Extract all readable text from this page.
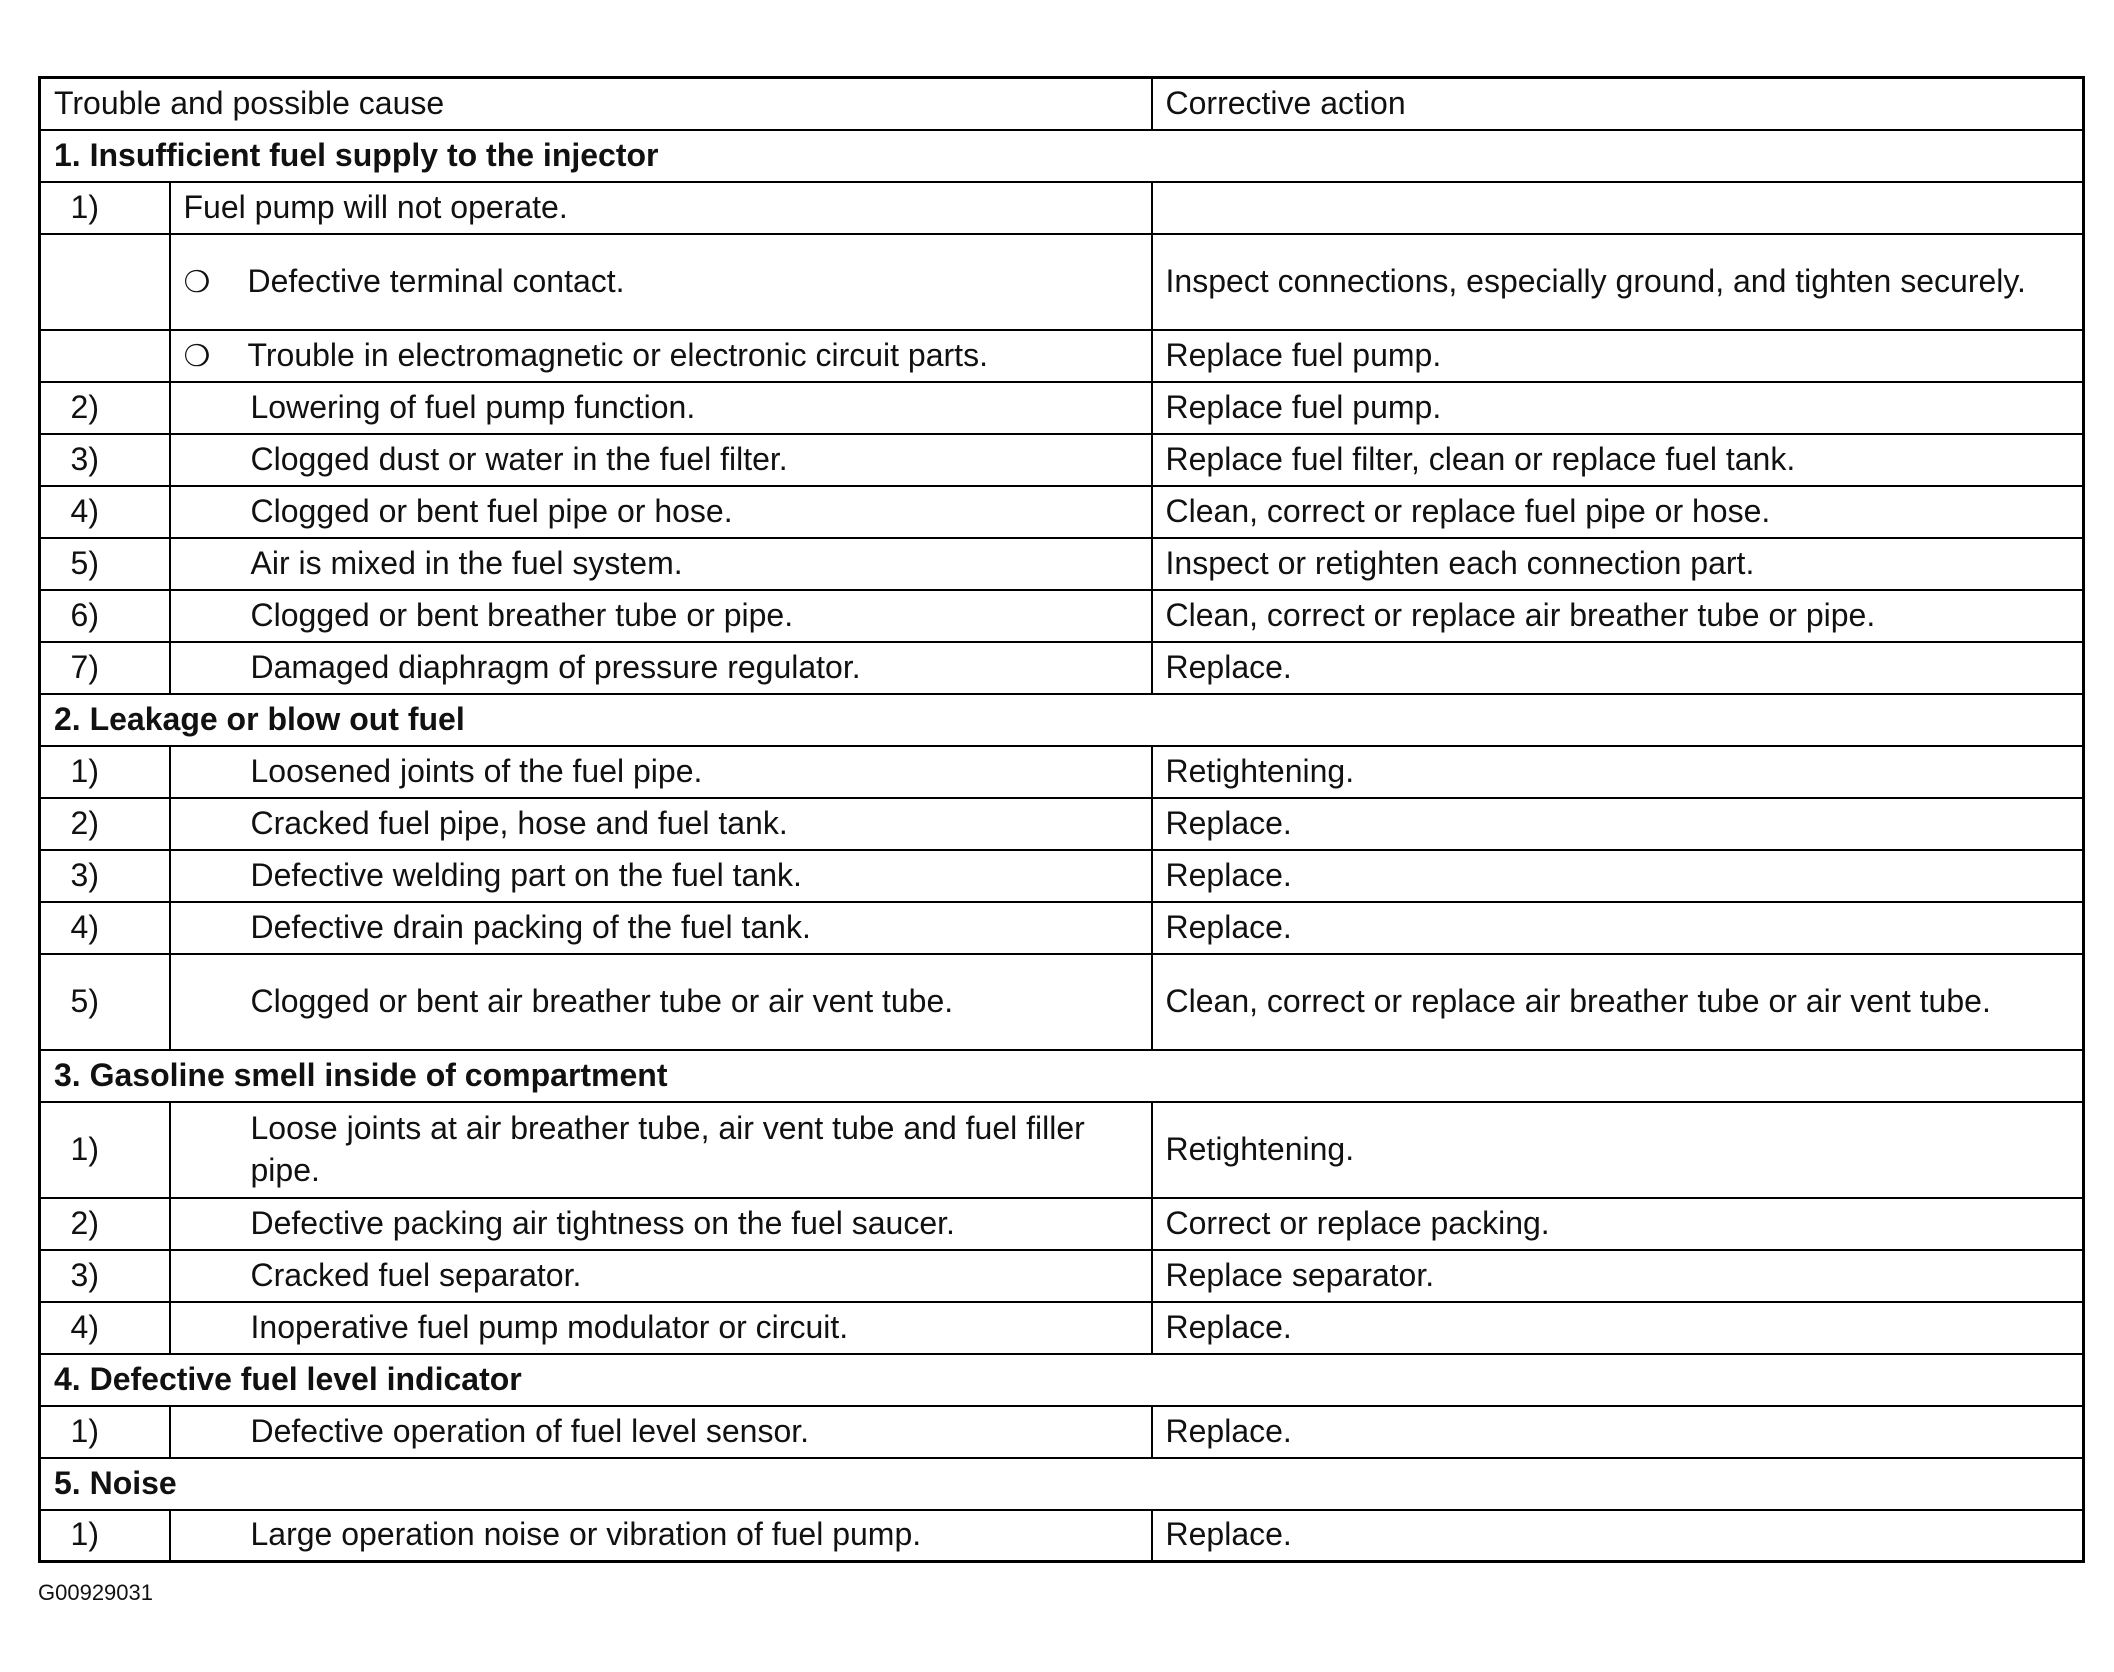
Trouble and possible cause		Corrective action
1. Insufficient fuel supply to the injector		
1)	Fuel pump will not operate.	
	❍ Defective terminal contact.	Inspect connections, especially ground, and tighten securely.
	❍ Trouble in electromagnetic or electronic circuit parts.	Replace fuel pump.
2)	Lowering of fuel pump function.	Replace fuel pump.
3)	Clogged dust or water in the fuel filter.	Replace fuel filter, clean or replace fuel tank.
4)	Clogged or bent fuel pipe or hose.	Clean, correct or replace fuel pipe or hose.
5)	Air is mixed in the fuel system.	Inspect or retighten each connection part.
6)	Clogged or bent breather tube or pipe.	Clean, correct or replace air breather tube or pipe.
7)	Damaged diaphragm of pressure regulator.	Replace.
2. Leakage or blow out fuel		
1)	Loosened joints of the fuel pipe.	Retightening.
2)	Cracked fuel pipe, hose and fuel tank.	Replace.
3)	Defective welding part on the fuel tank.	Replace.
4)	Defective drain packing of the fuel tank.	Replace.
5)	Clogged or bent air breather tube or air vent tube.	Clean, correct or replace air breather tube or air vent tube.
3. Gasoline smell inside of compartment		
1)	Loose joints at air breather tube, air vent tube and fuel filler pipe.	Retightening.
2)	Defective packing air tightness on the fuel saucer.	Correct or replace packing.
3)	Cracked fuel separator.	Replace separator.
4)	Inoperative fuel pump modulator or circuit.	Replace.
4. Defective fuel level indicator		
1)	Defective operation of fuel level sensor.	Replace.
5. Noise		
1)	Large operation noise or vibration of fuel pump.	Replace.
G00929031
